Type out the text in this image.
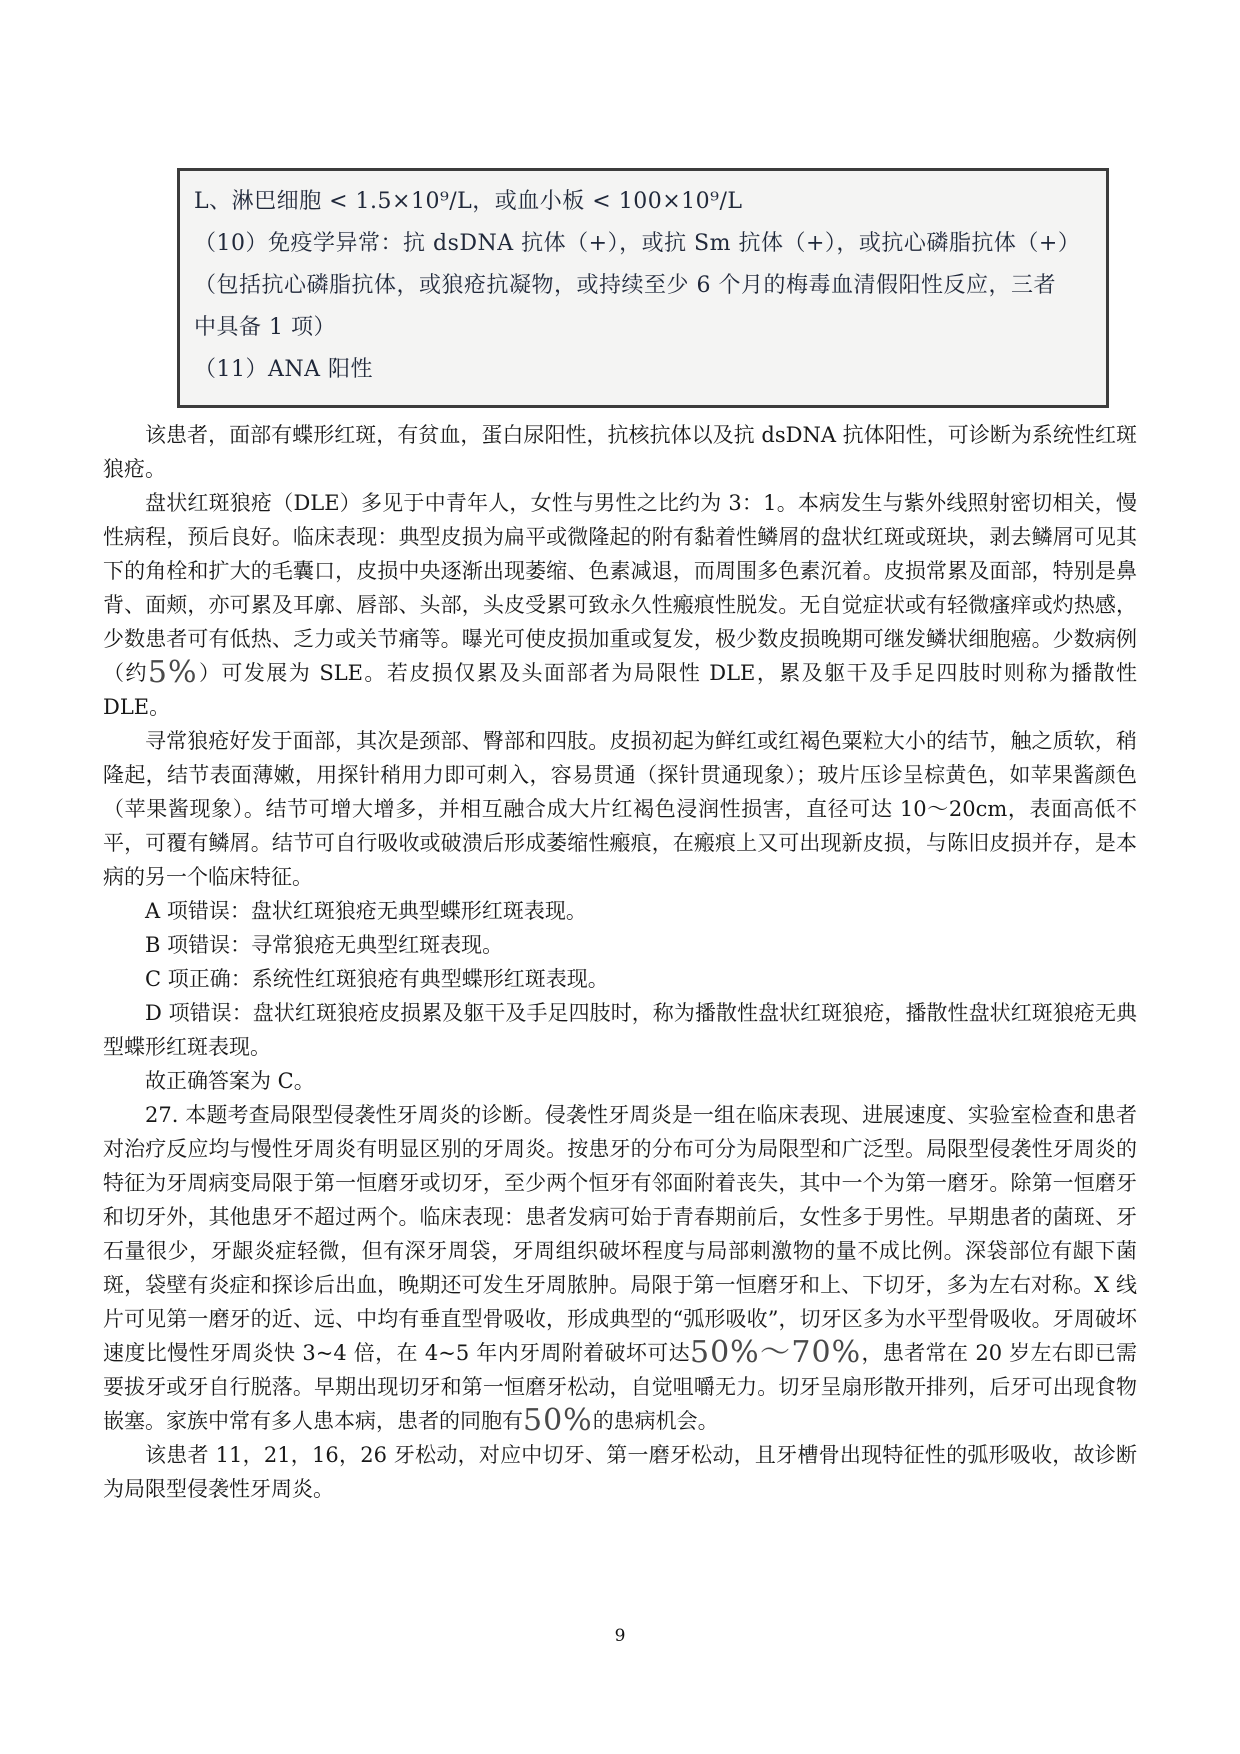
L、淋巴细胞 < 1.5×10⁹/L，或血小板 < 100×10⁹/L
（10）免疫学异常：抗 dsDNA 抗体（+），或抗 Sm 抗体（+），或抗心磷脂抗体（+）
（包括抗心磷脂抗体，或狼疮抗凝物，或持续至少 6 个月的梅毒血清假阳性反应，三者
中具备 1 项）
（11）ANA 阳性

该患者，面部有蝶形红斑，有贫血，蛋白尿阳性，抗核抗体以及抗 dsDNA 抗体阳性，可诊断为系统性红斑狼疮。

盘状红斑狼疮（DLE）多见于中青年人，女性与男性之比约为 3：1。本病发生与紫外线照射密切相关，慢性病程，预后良好。临床表现：典型皮损为扁平或微隆起的附有黏着性鳞屑的盘状红斑或斑块，剥去鳞屑可见其下的角栓和扩大的毛囊口，皮损中央逐渐出现萎缩、色素减退，而周围多色素沉着。皮损常累及面部，特别是鼻背、面颊，亦可累及耳廓、唇部、头部，头皮受累可致永久性瘢痕性脱发。无自觉症状或有轻微瘙痒或灼热感，少数患者可有低热、乏力或关节痛等。曝光可使皮损加重或复发，极少数皮损晚期可继发鳞状细胞癌。少数病例（约5%）可发展为 SLE。若皮损仅累及头面部者为局限性 DLE，累及躯干及手足四肢时则称为播散性 DLE。

寻常狼疮好发于面部，其次是颈部、臀部和四肢。皮损初起为鲜红或红褐色粟粒大小的结节，触之质软，稍隆起，结节表面薄嫩，用探针稍用力即可刺入，容易贯通（探针贯通现象）；玻片压诊呈棕黄色，如苹果酱颜色（苹果酱现象）。结节可增大增多，并相互融合成大片红褐色浸润性损害，直径可达 10～20cm，表面高低不平，可覆有鳞屑。结节可自行吸收或破溃后形成萎缩性瘢痕，在瘢痕上又可出现新皮损，与陈旧皮损并存，是本病的另一个临床特征。

A 项错误：盘状红斑狼疮无典型蝶形红斑表现。

B 项错误：寻常狼疮无典型红斑表现。

C 项正确：系统性红斑狼疮有典型蝶形红斑表现。

D 项错误：盘状红斑狼疮皮损累及躯干及手足四肢时，称为播散性盘状红斑狼疮，播散性盘状红斑狼疮无典型蝶形红斑表现。

故正确答案为 C。

27. 本题考查局限型侵袭性牙周炎的诊断。侵袭性牙周炎是一组在临床表现、进展速度、实验室检查和患者对治疗反应均与慢性牙周炎有明显区别的牙周炎。按患牙的分布可分为局限型和广泛型。局限型侵袭性牙周炎的特征为牙周病变局限于第一恒磨牙或切牙，至少两个恒牙有邻面附着丧失，其中一个为第一磨牙。除第一恒磨牙和切牙外，其他患牙不超过两个。临床表现：患者发病可始于青春期前后，女性多于男性。早期患者的菌斑、牙石量很少，牙龈炎症轻微，但有深牙周袋，牙周组织破坏程度与局部刺激物的量不成比例。深袋部位有龈下菌斑，袋壁有炎症和探诊后出血，晚期还可发生牙周脓肿。局限于第一恒磨牙和上、下切牙，多为左右对称。X 线片可见第一磨牙的近、远、中均有垂直型骨吸收，形成典型的“弧形吸收”，切牙区多为水平型骨吸收。牙周破坏速度比慢性牙周炎快 3~4 倍，在 4~5 年内牙周附着破坏可达50%～70%，患者常在 20 岁左右即已需要拔牙或牙自行脱落。早期出现切牙和第一恒磨牙松动，自觉咀嚼无力。切牙呈扇形散开排列，后牙可出现食物嵌塞。家族中常有多人患本病，患者的同胞有50%的患病机会。

该患者 11，21，16，26 牙松动，对应中切牙、第一磨牙松动，且牙槽骨出现特征性的弧形吸收，故诊断为局限型侵袭性牙周炎。

9
